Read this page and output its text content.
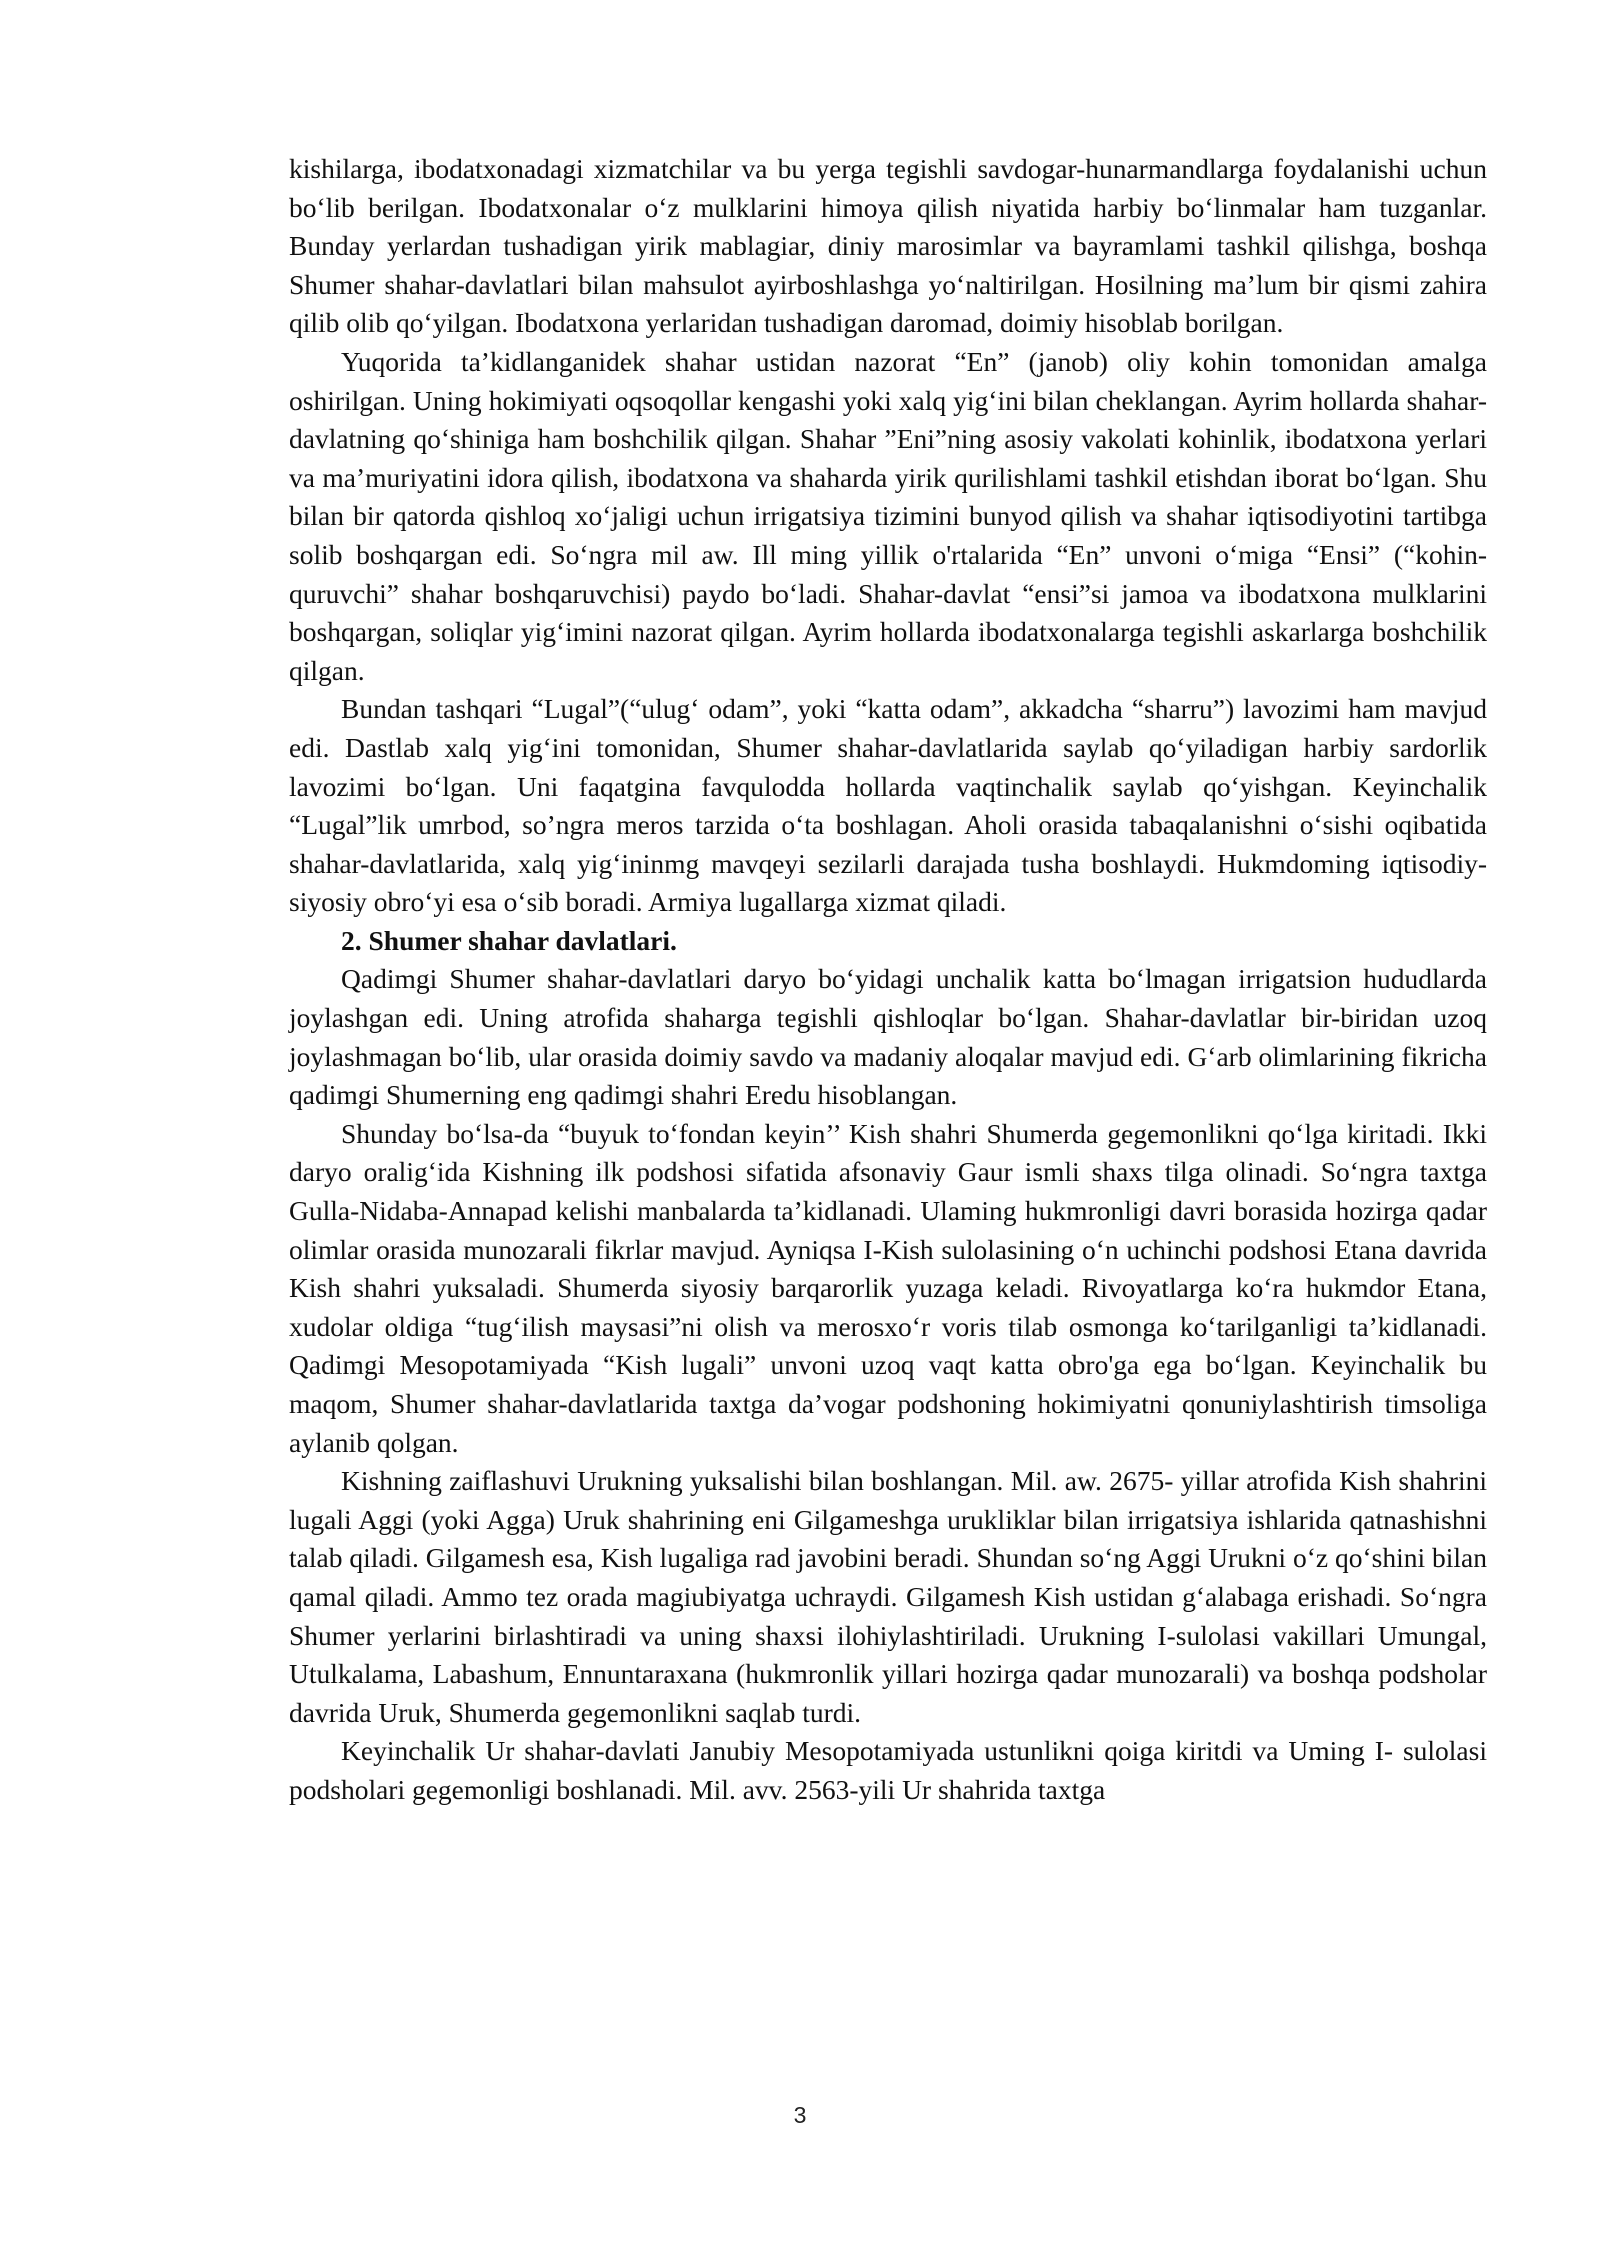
kishilarga, ibodatxonadagi xizmatchilar va bu yerga tegishli savdogar-hunarmandlarga foydalanishi uchun bo‘lib berilgan. Ibodatxonalar o‘z mulklarini himoya qilish niyatida harbiy bo‘linmalar ham tuzganlar. Bunday yerlardan tushadigan yirik mablagiar, diniy marosimlar va bayramlami tashkil qilishga, boshqa Shumer shahar-davlatlari bilan mahsulot ayirboshlashga yo‘naltirilgan. Hosilning ma’lum bir qismi zahira qilib olib qo‘yilgan. Ibodatxona yerlaridan tushadigan daromad, doimiy hisoblab borilgan.

Yuqorida ta’kidlanganidek shahar ustidan nazorat “En” (janob) oliy kohin tomonidan amalga oshirilgan. Uning hokimiyati oqsoqollar kengashi yoki xalq yig‘ini bilan cheklangan. Ayrim hollarda shahar- davlatning qo‘shiniga ham boshchilik qilgan. Shahar ”Eni”ning asosiy vakolati kohinlik, ibodatxona yerlari va ma’muriyatini idora qilish, ibodatxona va shaharda yirik qurilishlami tashkil etishdan iborat bo‘lgan. Shu bilan bir qatorda qishloq xo‘jaligi uchun irrigatsiya tizimini bunyod qilish va shahar iqtisodiyotini tartibga solib boshqargan edi. So‘ngra mil aw. Ill ming yillik o'rtalarida “En” unvoni o‘miga “Ensi” (“kohin-quruvchi” shahar boshqaruvchisi) paydo bo‘ladi. Shahar-davlat “ensi”si jamoa va ibodatxona mulklarini boshqargan, soliqlar yig‘imini nazorat qilgan. Ayrim hollarda ibodatxonalarga tegishli askarlarga boshchilik qilgan.

Bundan tashqari “Lugal”(“ulug‘ odam”, yoki “katta odam”, akkadcha “sharru”) lavozimi ham mavjud edi. Dastlab xalq yig‘ini tomonidan, Shumer shahar-davlatlarida saylab qo‘yiladigan harbiy sardorlik lavozimi bo‘lgan. Uni faqatgina favqulodda hollarda vaqtinchalik saylab qo‘yishgan. Keyinchalik “Lugal”lik umrbod, so’ngra meros tarzida o‘ta boshlagan. Aholi orasida tabaqalanishni o‘sishi oqibatida shahar-davlatlarida, xalq yig‘ininmg mavqeyi sezilarli darajada tusha boshlaydi. Hukmdoming iqtisodiy-siyosiy obro‘yi esa o‘sib boradi. Armiya lugallarga xizmat qiladi.

2. Shumer shahar davlatlari.

Qadimgi Shumer shahar-davlatlari daryo bo‘yidagi unchalik katta bo‘lmagan irrigatsion hududlarda joylashgan edi. Uning atrofida shaharga tegishli qishloqlar bo‘lgan. Shahar-davlatlar bir-biridan uzoq joylashmagan bo‘lib, ular orasida doimiy savdo va madaniy aloqalar mavjud edi. G‘arb olimlarining fikricha qadimgi Shumerning eng qadimgi shahri Eredu hisoblangan.

Shunday bo‘lsa-da “buyuk to‘fondan keyin’’ Kish shahri Shumerda gegemonlikni qo‘lga kiritadi. Ikki daryo oralig‘ida Kishning ilk podshosi sifatida afsonaviy Gaur ismli shaxs tilga olinadi. So‘ngra taxtga Gulla-Nidaba-Annapad kelishi manbalarda ta’kidlanadi. Ulaming hukmronligi davri borasida hozirga qadar olimlar orasida munozarali fikrlar mavjud. Ayniqsa I-Kish sulolasining o‘n uchinchi podshosi Etana davrida Kish shahri yuksaladi. Shumerda siyosiy barqarorlik yuzaga keladi. Rivoyatlarga ko‘ra hukmdor Etana, xudolar oldiga “tug‘ilish maysasi”ni olish va merosxo‘r voris tilab osmonga ko‘tarilganligi ta’kidlanadi. Qadimgi Mesopotamiyada “Kish lugali” unvoni uzoq vaqt katta obro'ga ega bo‘lgan. Keyinchalik bu maqom, Shumer shahar-davlatlarida taxtga da’vogar podshoning hokimiyatni qonuniylashtirish timsoliga aylanib qolgan.

Kishning zaiflashuvi Urukning yuksalishi bilan boshlangan. Mil. aw. 2675- yillar atrofida Kish shahrini lugali Aggi (yoki Agga) Uruk shahrining eni Gilgameshga urukliklar bilan irrigatsiya ishlarida qatnashishni talab qiladi. Gilgamesh esa, Kish lugaliga rad javobini beradi. Shundan so‘ng Aggi Urukni o‘z qo‘shini bilan qamal qiladi. Ammo tez orada magiubiyatga uchraydi. Gilgamesh Kish ustidan g‘alabaga erishadi. So‘ngra Shumer yerlarini birlashtiradi va uning shaxsi ilohiylashtiriladi. Urukning I-sulolasi vakillari Umungal, Utulkalama, Labashum, Ennuntaraxana (hukmronlik yillari hozirga qadar munozarali) va boshqa podsholar davrida Uruk, Shumerda gegemonlikni saqlab turdi.

Keyinchalik Ur shahar-davlati Janubiy Mesopotamiyada ustunlikni qoiga kiritdi va Uming I- sulolasi podsholari gegemonligi boshlanadi. Mil. avv. 2563-yili Ur shahrida taxtga

3
